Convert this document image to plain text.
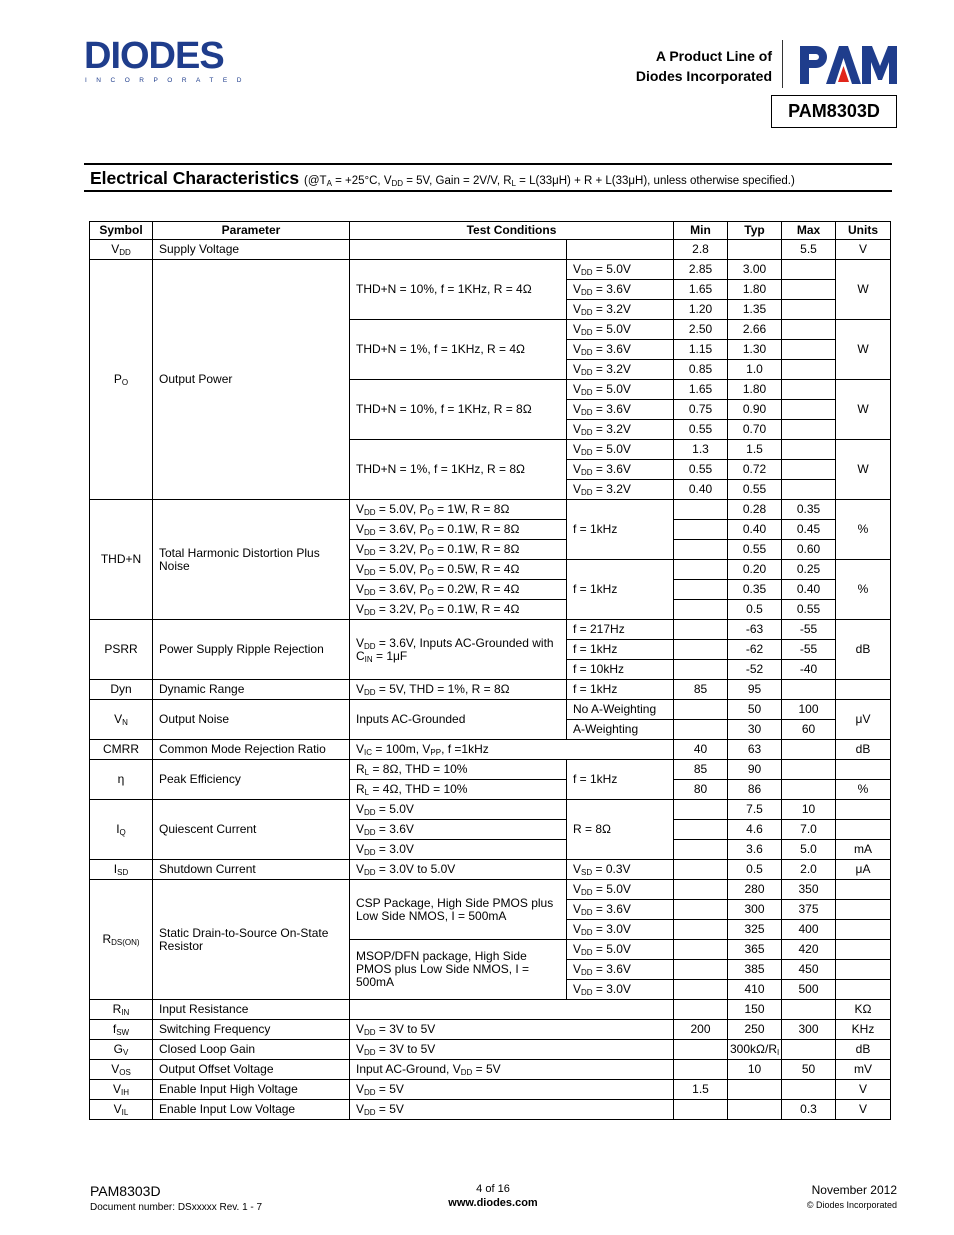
DIODES
INCORPORATED
A Product Line of
Diodes Incorporated
PAM
PAM8303D
Electrical Characteristics ($@T_A = +25^\circ C$, $V_{DD} = 5V$, Gain = 2V/V, $R_L = L(33\mu H) + R + L(33\mu H)$, unless otherwise specified.)
Symbol	Parameter	Test Conditions		Min	Typ	Max	Units
$V_{DD}$	Supply Voltage			2.8		5.5	V
$P_O$	Output Power	THD+N = 10%, f = 1KHz, R = 4Ω	$V_{DD} = 5.0V$	2.85	3.00		W
			$V_{DD} = 3.6V$	1.65	1.80		
			$V_{DD} = 3.2V$	1.20	1.35		
		THD+N = 1%, f = 1KHz, R = 4Ω	$V_{DD} = 5.0V$	2.50	2.66		W
			$V_{DD} = 3.6V$	1.15	1.30		
			$V_{DD} = 3.2V$	0.85	1.0		
		THD+N = 10%, f = 1KHz, R = 8Ω	$V_{DD} = 5.0V$	1.65	1.80		W
			$V_{DD} = 3.6V$	0.75	0.90		
			$V_{DD} = 3.2V$	0.55	0.70		
		THD+N = 1%, f = 1KHz, R = 8Ω	$V_{DD} = 5.0V$	1.3	1.5		W
			$V_{DD} = 3.6V$	0.55	0.72		
			$V_{DD} = 3.2V$	0.40	0.55		
THD+N	Total Harmonic Distortion Plus Noise	$V_{DD} = 5.0V$, $P_O = 1W$, R = 8Ω	f = 1kHz		0.28	0.35	%
		$V_{DD} = 3.6V$, $P_O = 0.1W$, R = 8Ω			0.40	0.45	
		$V_{DD} = 3.2V$, $P_O = 0.1W$, R = 8Ω			0.55	0.60	
		$V_{DD} = 5.0V$, $P_O = 0.5W$, R = 4Ω	f = 1kHz		0.20	0.25	%
		$V_{DD} = 3.6V$, $P_O = 0.2W$, R = 4Ω			0.35	0.40	
		$V_{DD} = 3.2V$, $P_O = 0.1W$, R = 4Ω			0.5	0.55	
PSRR	Power Supply Ripple Rejection	$V_{DD} = 3.6V$, Inputs AC-Grounded with $C_{IN} = 1\mu F$	f = 217Hz		-63	-55	dB
			f = 1kHz		-62	-55	
			f = 10kHz		-52	-40	
Dyn	Dynamic Range	$V_{DD} = 5V$, THD = 1%, R = 8Ω	f = 1kHz	85	95		
$V_N$	Output Noise	Inputs AC-Grounded	No A-Weighting		50	100	μV
			A-Weighting		30	60	
CMRR	Common Mode Rejection Ratio	$V_{IC} = 100m$, $V_{PP}$, f =1kHz		40	63		dB
η	Peak Efficiency	$R_L = 8\Omega$, THD = 10%	f = 1kHz	85	90		
		$R_L = 4\Omega$, THD = 10%		80	86		%
$I_Q$	Quiescent Current	$V_{DD} = 5.0V$	R = 8Ω		7.5	10	
		$V_{DD} = 3.6V$			4.6	7.0	
		$V_{DD} = 3.0V$			3.6	5.0	mA
$I_{SD}$	Shutdown Current	$V_{DD} = 3.0V$ to 5.0V	$V_{SD} = 0.3V$		0.5	2.0	μA
$R_{DS(ON)}$	Static Drain-to-Source On-State Resistor	CSP Package, High Side PMOS plus Low Side NMOS, I = 500mA	$V_{DD} = 5.0V$		280	350	
			$V_{DD} = 3.6V$		300	375	
			$V_{DD} = 3.0V$		325	400	
		MSOP/DFN package, High Side PMOS plus Low Side NMOS, I = 500mA	$V_{DD} = 5.0V$		365	420	
			$V_{DD} = 3.6V$		385	450	
			$V_{DD} = 3.0V$		410	500	
$R_{IN}$	Input Resistance				150		KΩ
$f_{SW}$	Switching Frequency	$V_{DD} = 3V$ to 5V		200	250	300	KHz
$G_V$	Closed Loop Gain	$V_{DD} = 3V$ to 5V			$300k\Omega/R_I$		dB
$V_{OS}$	Output Offset Voltage	Input AC-Ground, $V_{DD} = 5V$			10	50	mV
$V_{IH}$	Enable Input High Voltage	$V_{DD} = 5V$		1.5			V
$V_{IL}$	Enable Input Low Voltage	$V_{DD} = 5V$				0.3	V
PAM8303D
Document number: DSxxxxx Rev. 1 - 7
4 of 16
www.diodes.com
November 2012
© Diodes Incorporated
